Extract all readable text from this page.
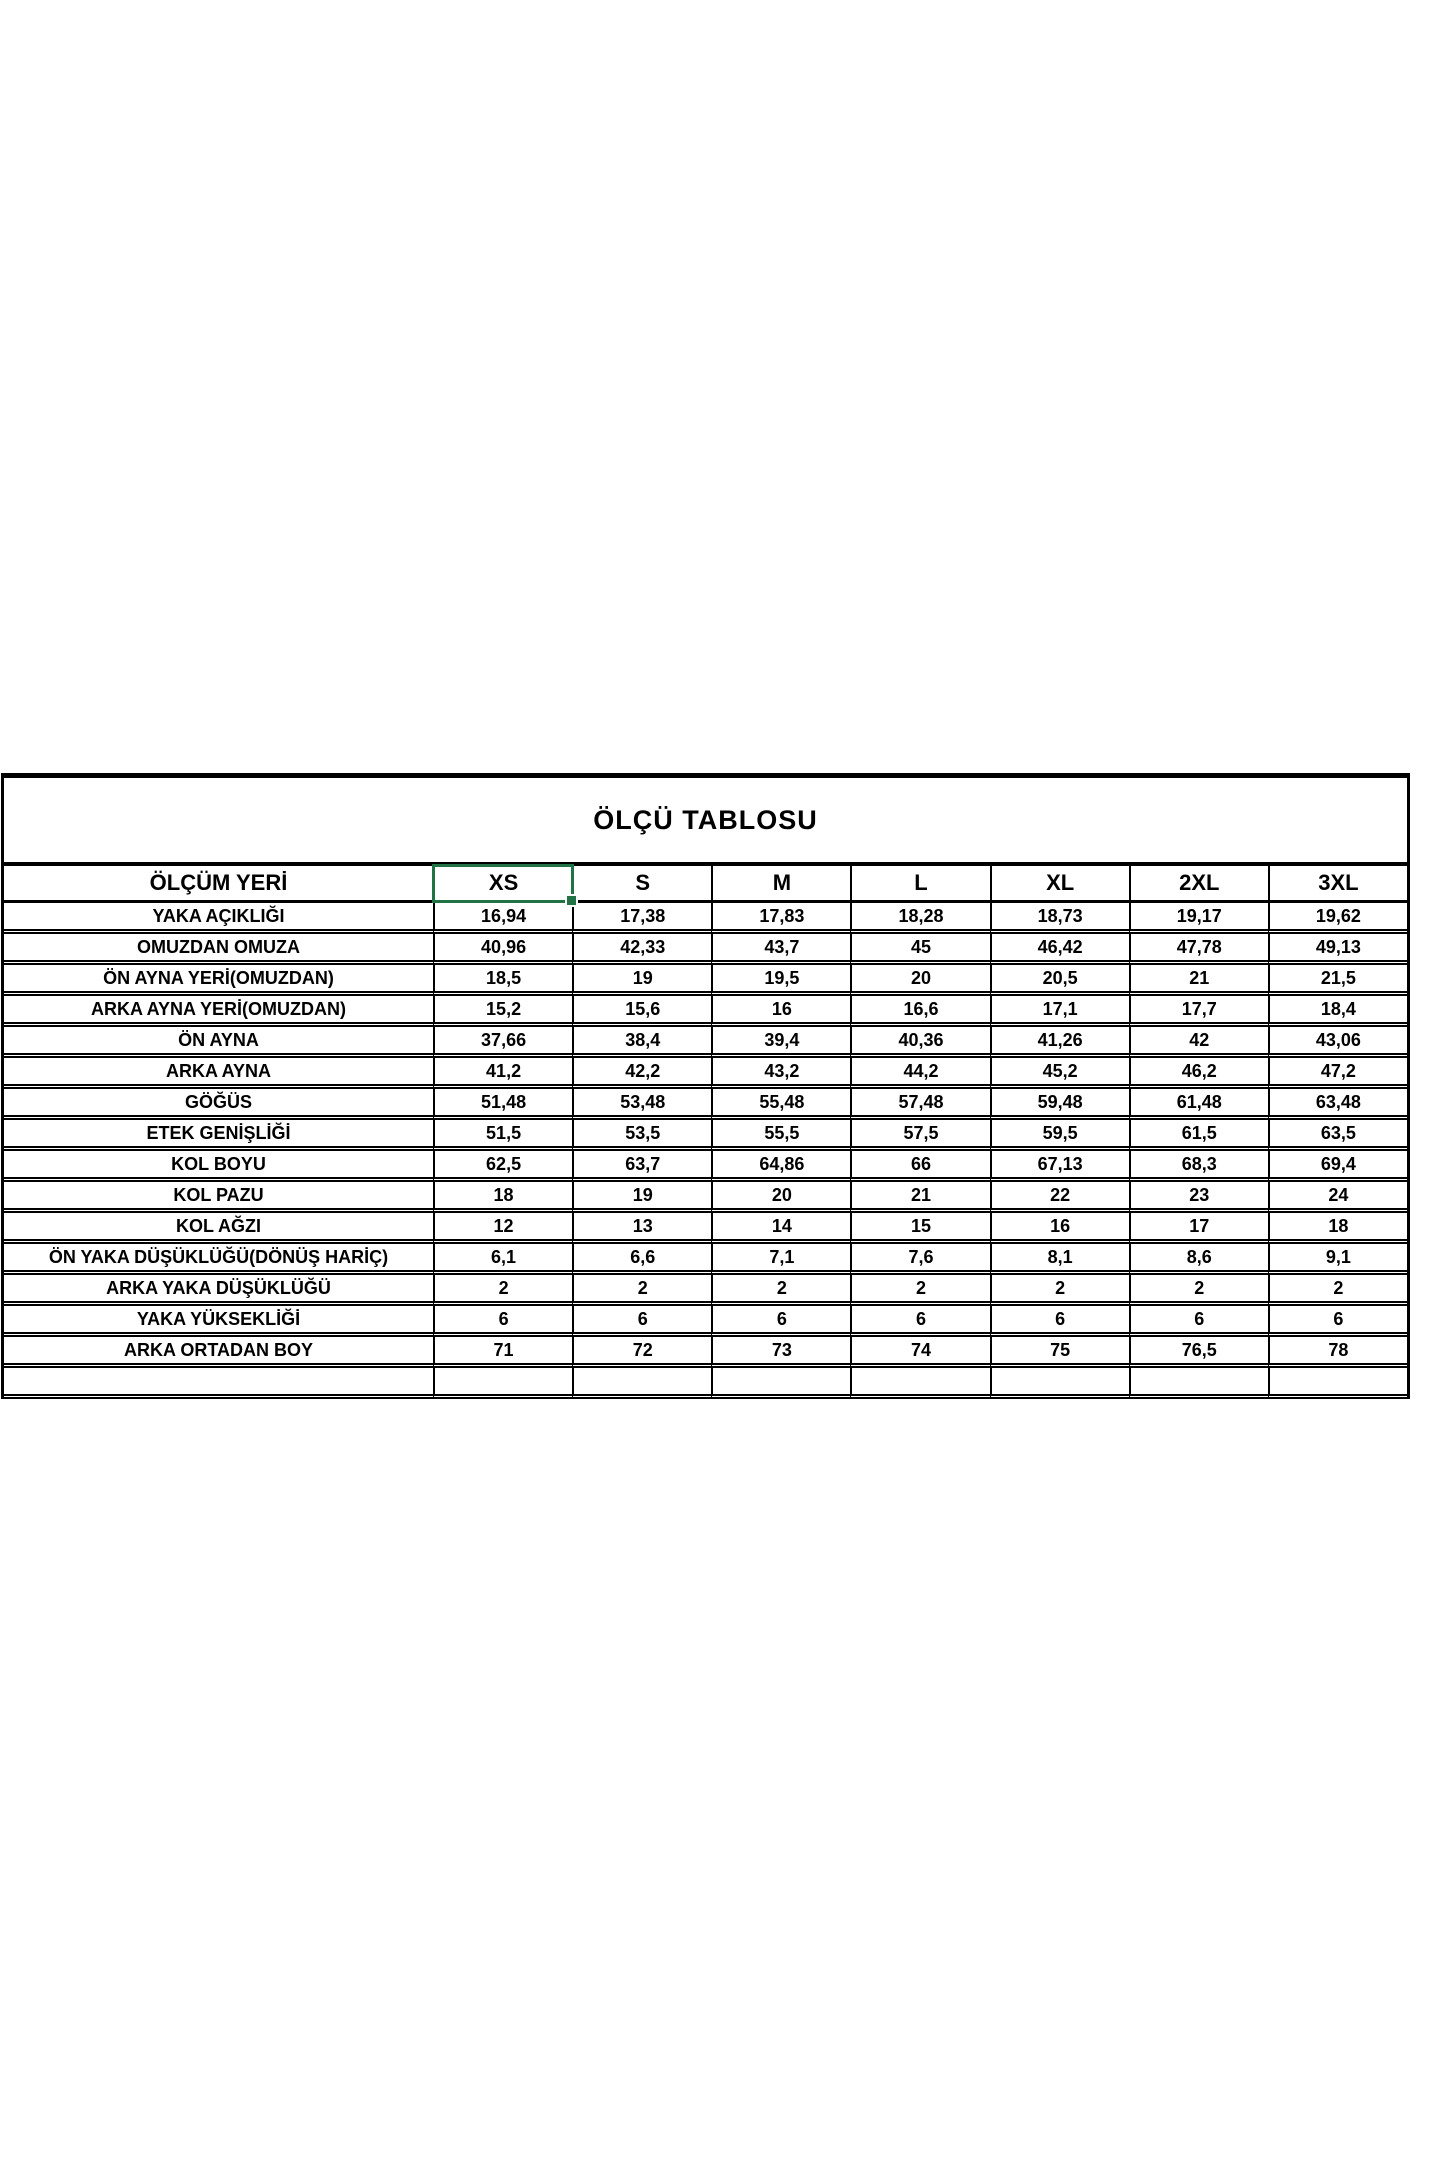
ÖLÇÜ TABLOSU							
ÖLÇÜM YERİ	XS	S	M	L	XL	2XL	3XL
YAKA AÇIKLIĞI	16,94	17,38	17,83	18,28	18,73	19,17	19,62
OMUZDAN OMUZA	40,96	42,33	43,7	45	46,42	47,78	49,13
ÖN AYNA YERİ(OMUZDAN)	18,5	19	19,5	20	20,5	21	21,5
ARKA AYNA YERİ(OMUZDAN)	15,2	15,6	16	16,6	17,1	17,7	18,4
ÖN AYNA	37,66	38,4	39,4	40,36	41,26	42	43,06
ARKA AYNA	41,2	42,2	43,2	44,2	45,2	46,2	47,2
GÖĞÜS	51,48	53,48	55,48	57,48	59,48	61,48	63,48
ETEK GENİŞLİĞİ	51,5	53,5	55,5	57,5	59,5	61,5	63,5
KOL BOYU	62,5	63,7	64,86	66	67,13	68,3	69,4
KOL PAZU	18	19	20	21	22	23	24
KOL AĞZI	12	13	14	15	16	17	18
ÖN YAKA DÜŞÜKLÜĞÜ(DÖNÜŞ HARİÇ)	6,1	6,6	7,1	7,6	8,1	8,6	9,1
ARKA YAKA DÜŞÜKLÜĞÜ	2	2	2	2	2	2	2
YAKA YÜKSEKLİĞİ	6	6	6	6	6	6	6
ARKA ORTADAN BOY	71	72	73	74	75	76,5	78
